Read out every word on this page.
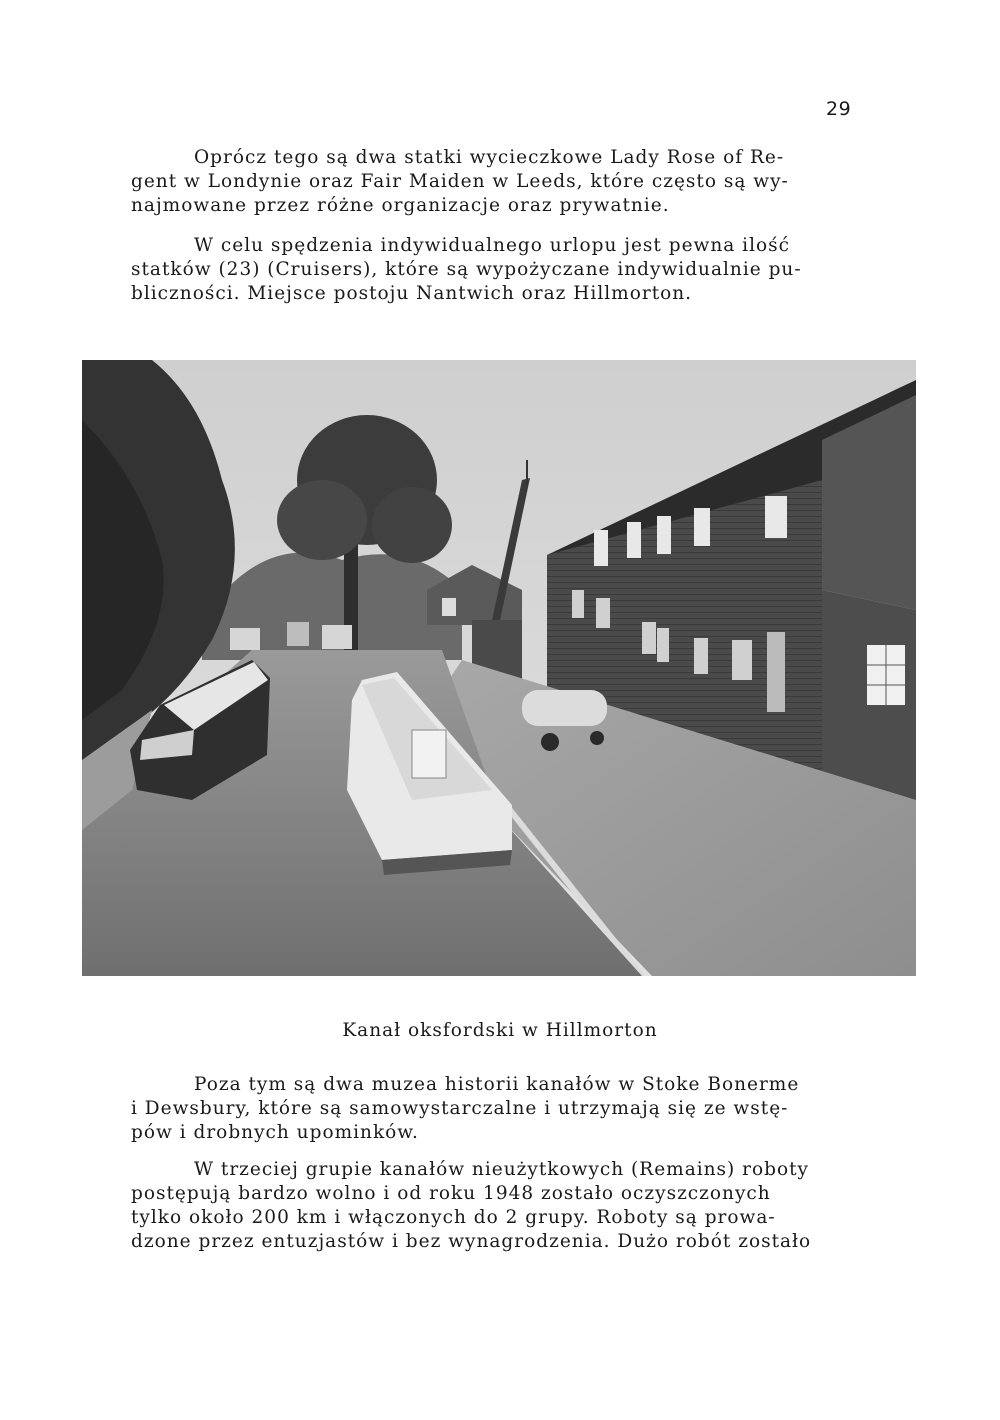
29
Oprócz tego są dwa statki wycieczkowe Lady Rose of Re-
gent w Londynie oraz Fair Maiden w Leeds, które często są wy-
najmowane przez różne organizacje oraz prywatnie.
W celu spędzenia indywidualnego urlopu jest pewna ilość
statków (23) (Cruisers), które są wypożyczane indywidualnie pu-
bliczności. Miejsce postoju Nantwich oraz Hillmorton.
Kanał oksfordski w Hillmorton
Poza tym są dwa muzea historii kanałów w Stoke Bonerme
i Dewsbury, które są samowystarczalne i utrzymają się ze wstę-
pów i drobnych upominków.
W trzeciej grupie kanałów nieużytkowych (Remains) roboty
postępują bardzo wolno i od roku 1948 zostało oczyszczonych
tylko około 200 km i włączonych do 2 grupy. Roboty są prowa-
dzone przez entuzjastów i bez wynagrodzenia. Dużo robót zostało
